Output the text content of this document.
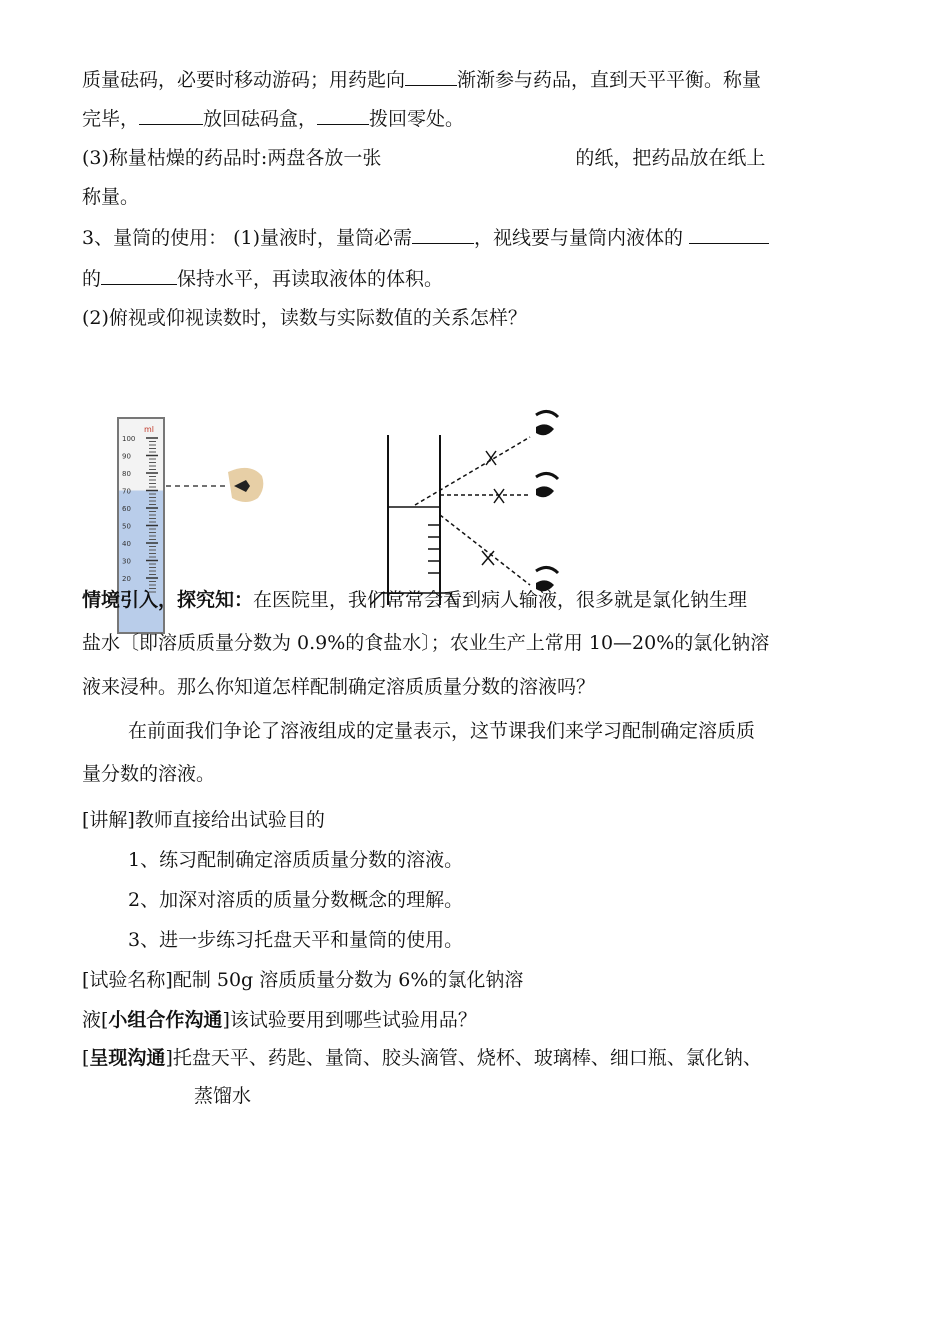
质量砝码，必要时移动游码；用药匙向	渐渐参与药品，直到天平平衡。称量
完毕，	放回砝码盒，	拨回零处。
(3)称量枯燥的药品时:两盘各放一张	的纸，把药品放在纸上
称量。
3、量筒的使用： (1)量液时，量筒必需	，视线要与量筒内液体的
的	保持水平，再读取液体的体积。
(2)俯视或仰视读数时，读数与实际数值的关系怎样？
ml
100
90
80
70
60
50
40
30
20
情境引入，探究知：在医院里，我们常常会看到病人输液，很多就是氯化钠生理
盐水〔即溶质质量分数为 0.9%的食盐水〕；农业生产上常用 10—20%的氯化钠溶
液来浸种。那么你知道怎样配制确定溶质质量分数的溶液吗？
在前面我们争论了溶液组成的定量表示，这节课我们来学习配制确定溶质质
量分数的溶液。
[讲解]教师直接给出试验目的
1、练习配制确定溶质质量分数的溶液。
2、加深对溶质的质量分数概念的理解。
3、进一步练习托盘天平和量筒的使用。
[试验名称]配制 50g 溶质质量分数为 6%的氯化钠溶
液[小组合作沟通]该试验要用到哪些试验用品？
[呈现沟通]托盘天平、药匙、量筒、胶头滴管、烧杯、玻璃棒、细口瓶、氯化钠、
蒸馏水
